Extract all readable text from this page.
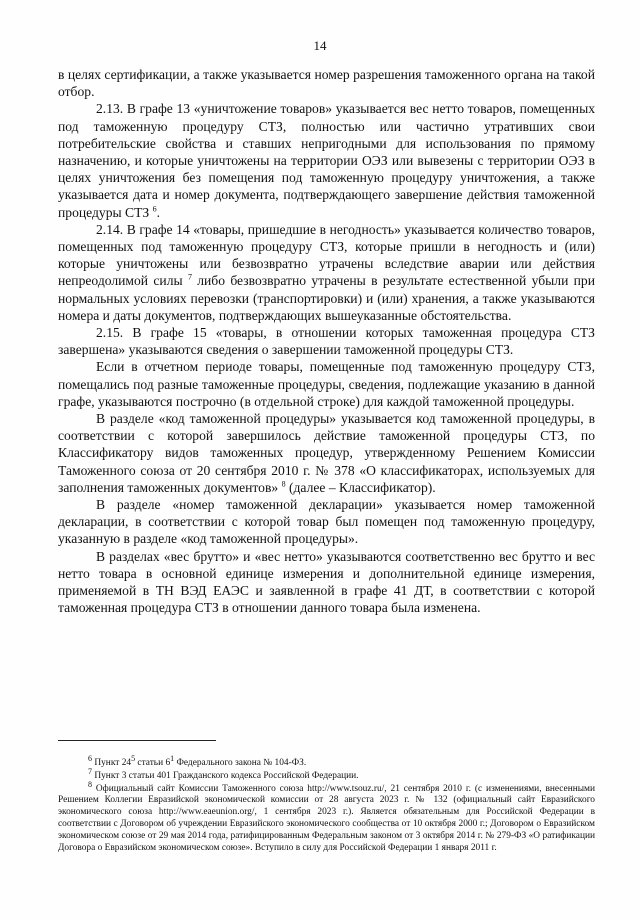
14

в целях сертификации, а также указывается номер разрешения таможенного органа на такой отбор.

2.13. В графе 13 «уничтожение товаров» указывается вес нетто товаров, помещенных под таможенную процедуру СТЗ, полностью или частично утративших свои потребительские свойства и ставших непригодными для использования по прямому назначению, и которые уничтожены на территории ОЭЗ или вывезены с территории ОЭЗ в целях уничтожения без помещения под таможенную процедуру уничтожения, а также указывается дата и номер документа, подтверждающего завершение действия таможенной процедуры СТЗ $^6$.

2.14. В графе 14 «товары, пришедшие в негодность» указывается количество товаров, помещенных под таможенную процедуру СТЗ, которые пришли в негодность и (или) которые уничтожены или безвозвратно утрачены вследствие аварии или действия непреодолимой силы $^7$ либо безвозвратно утрачены в результате естественной убыли при нормальных условиях перевозки (транспортировки) и (или) хранения, а также указываются номера и даты документов, подтверждающих вышеуказанные обстоятельства.

2.15. В графе 15 «товары, в отношении которых таможенная процедура СТЗ завершена» указываются сведения о завершении таможенной процедуры СТЗ.

Если в отчетном периоде товары, помещенные под таможенную процедуру СТЗ, помещались под разные таможенные процедуры, сведения, подлежащие указанию в данной графе, указываются построчно (в отдельной строке) для каждой таможенной процедуры.

В разделе «код таможенной процедуры» указывается код таможенной процедуры, в соответствии с которой завершилось действие таможенной процедуры СТЗ, по Классификатору видов таможенных процедур, утвержденному Решением Комиссии Таможенного союза от 20 сентября 2010 г. № 378 «О классификаторах, используемых для заполнения таможенных документов» $^8$ (далее – Классификатор).

В разделе «номер таможенной декларации» указывается номер таможенной декларации, в соответствии с которой товар был помещен под таможенную процедуру, указанную в разделе «код таможенной процедуры».

В разделах «вес брутто» и «вес нетто» указываются соответственно вес брутто и вес нетто товара в основной единице измерения и дополнительной единице измерения, применяемой в ТН ВЭД ЕАЭС и заявленной в графе 41 ДТ, в соответствии с которой таможенная процедура СТЗ в отношении данного товара была изменена.

$^6$ Пункт $24^5$ статьи $6^1$ Федерального закона № 104-ФЗ.

$^7$ Пункт 3 статьи 401 Гражданского кодекса Российской Федерации.

$^8$ Официальный сайт Комиссии Таможенного союза http://www.tsouz.ru/, 21 сентября 2010 г. (с изменениями, внесенными Решением Коллегии Евразийской экономической комиссии от 28 августа 2023 г. № 132 (официальный сайт Евразийского экономического союза http://www.eaeunion.org/, 1 сентября 2023 г.). Является обязательным для Российской Федерации в соответствии с Договором об учреждении Евразийского экономического сообщества от 10 октября 2000 г.; Договором о Евразийском экономическом союзе от 29 мая 2014 года, ратифицированным Федеральным законом от 3 октября 2014 г. № 279-ФЗ «О ратификации Договора о Евразийском экономическом союзе». Вступило в силу для Российской Федерации 1 января 2011 г.
